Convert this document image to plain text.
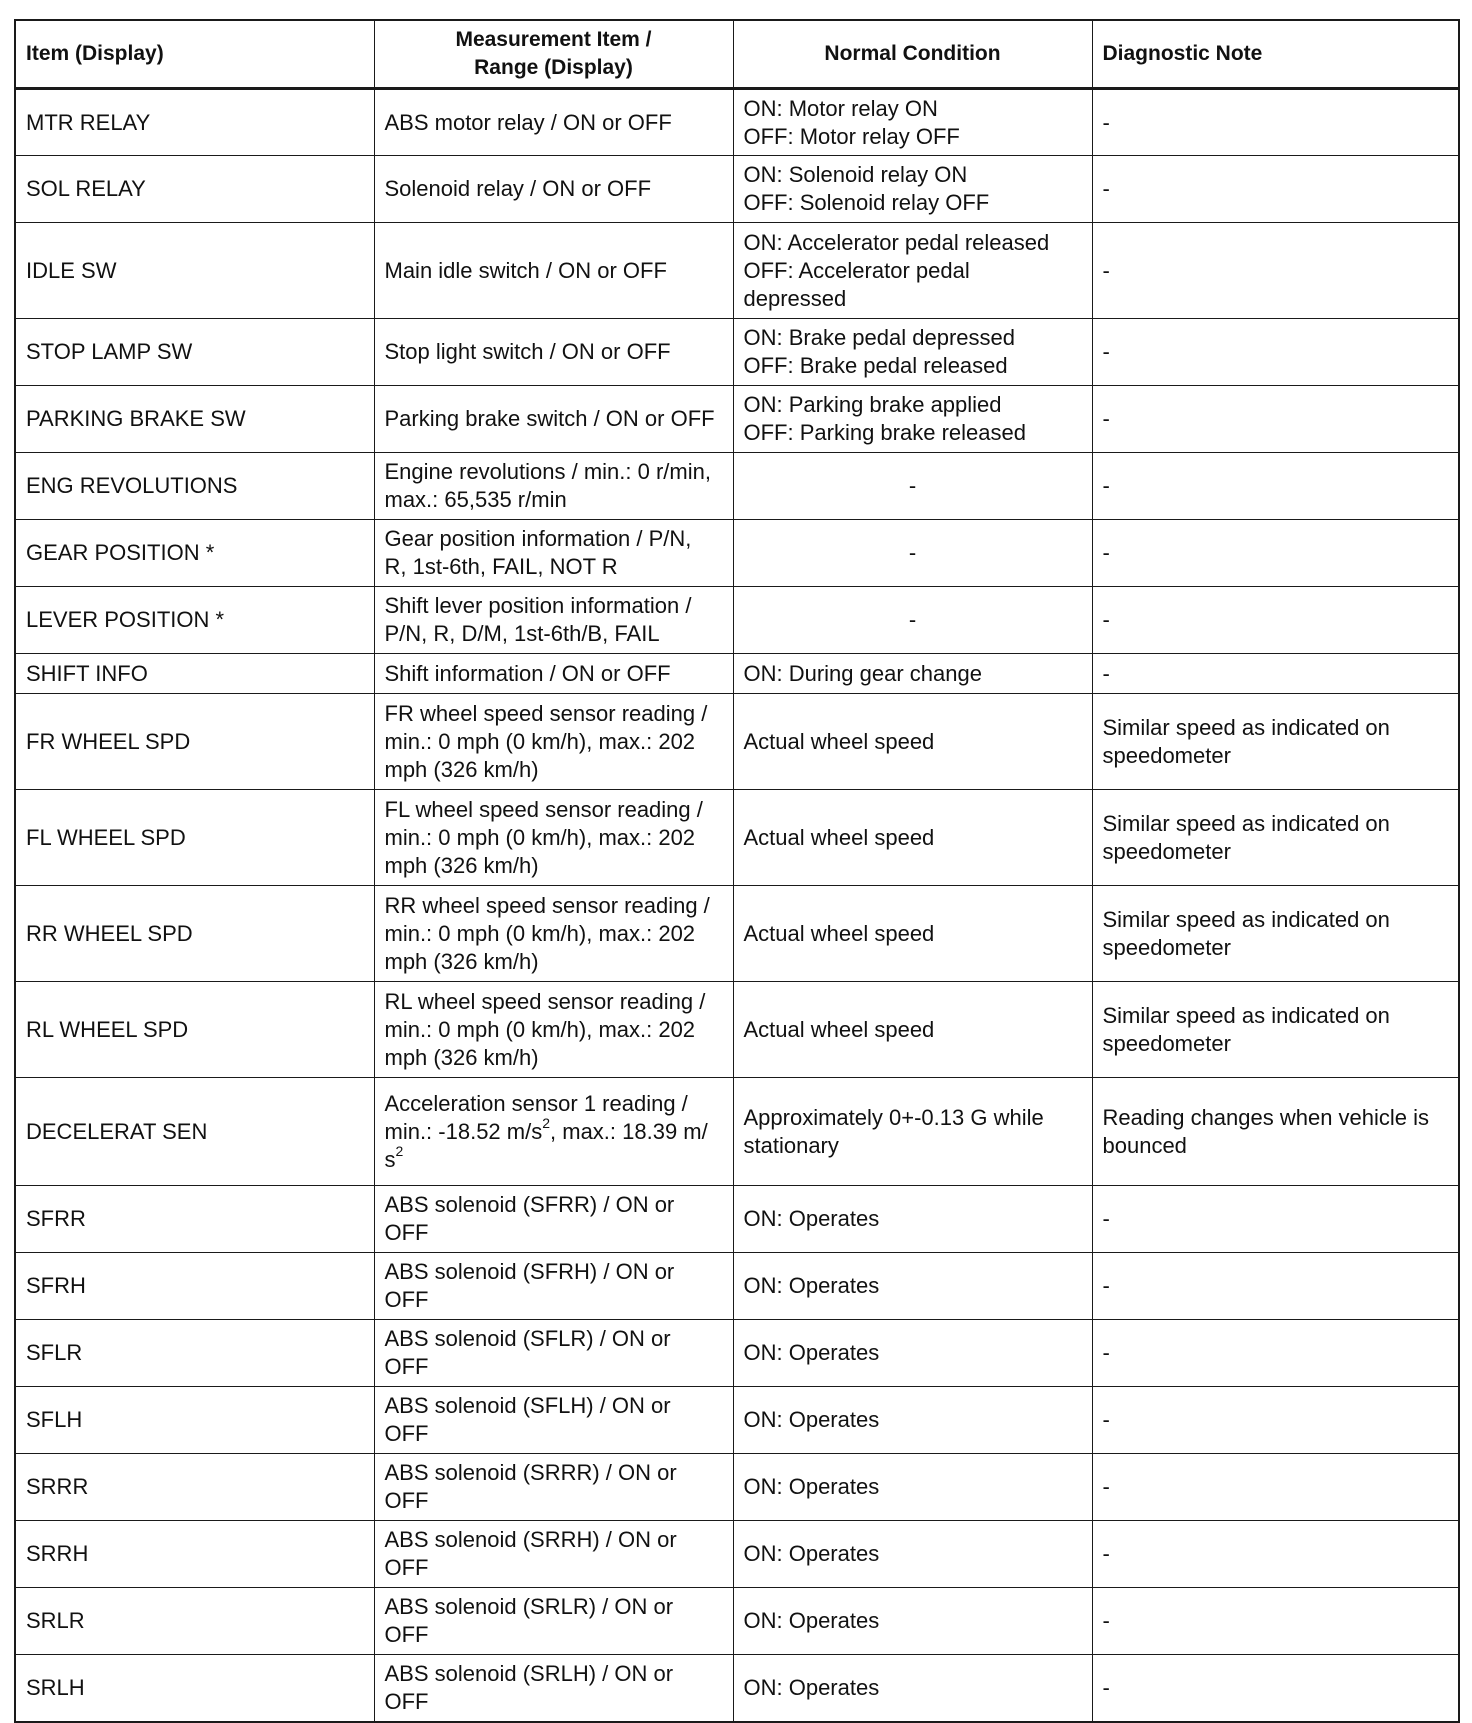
Item (Display)	Measurement Item /
Range (Display)	Normal Condition	Diagnostic Note
MTR RELAY	ABS motor relay / ON or OFF	ON: Motor relay ON
OFF: Motor relay OFF	-

SOL RELAY	Solenoid relay / ON or OFF	ON: Solenoid relay ON
OFF: Solenoid relay OFF	-

IDLE SW	Main idle switch / ON or OFF	ON: Accelerator pedal released
OFF: Accelerator pedal
depressed	-

STOP LAMP SW	Stop light switch / ON or OFF	ON: Brake pedal depressed
OFF: Brake pedal released	-

PARKING BRAKE SW	Parking brake switch / ON or OFF	ON: Parking brake applied
OFF: Parking brake released	-

ENG REVOLUTIONS	Engine revolutions / min.: 0 r/min,
max.: 65,535 r/min	-	-

GEAR POSITION *	Gear position information / P/N,
R, 1st-6th, FAIL, NOT R	-	-

LEVER POSITION *	Shift lever position information /
P/N, R, D/M, 1st-6th/B, FAIL	-	-

SHIFT INFO	Shift information / ON or OFF	ON: During gear change	-

FR WHEEL SPD	FR wheel speed sensor reading /
min.: 0 mph (0 km/h), max.: 202
mph (326 km/h)	Actual wheel speed	Similar speed as indicated on
speedometer

FL WHEEL SPD	FL wheel speed sensor reading /
min.: 0 mph (0 km/h), max.: 202
mph (326 km/h)	Actual wheel speed	Similar speed as indicated on
speedometer

RR WHEEL SPD	RR wheel speed sensor reading /
min.: 0 mph (0 km/h), max.: 202
mph (326 km/h)	Actual wheel speed	Similar speed as indicated on
speedometer

RL WHEEL SPD	RL wheel speed sensor reading /
min.: 0 mph (0 km/h), max.: 202
mph (326 km/h)	Actual wheel speed	Similar speed as indicated on
speedometer

DECELERAT SEN	Acceleration sensor 1 reading /
min.: -18.52 $m/s^2$, max.: 18.39 m/
$s^2$	Approximately 0+-0.13 G while
stationary	Reading changes when vehicle is
bounced

SFRR	ABS solenoid (SFRR) / ON or
OFF	ON: Operates	-

SFRH	ABS solenoid (SFRH) / ON or
OFF	ON: Operates	-

SFLR	ABS solenoid (SFLR) / ON or
OFF	ON: Operates	-

SFLH	ABS solenoid (SFLH) / ON or
OFF	ON: Operates	-

SRRR	ABS solenoid (SRRR) / ON or
OFF	ON: Operates	-

SRRH	ABS solenoid (SRRH) / ON or
OFF	ON: Operates	-

SRLR	ABS solenoid (SRLR) / ON or
OFF	ON: Operates	-

SRLH	ABS solenoid (SRLH) / ON or
OFF	ON: Operates	-
